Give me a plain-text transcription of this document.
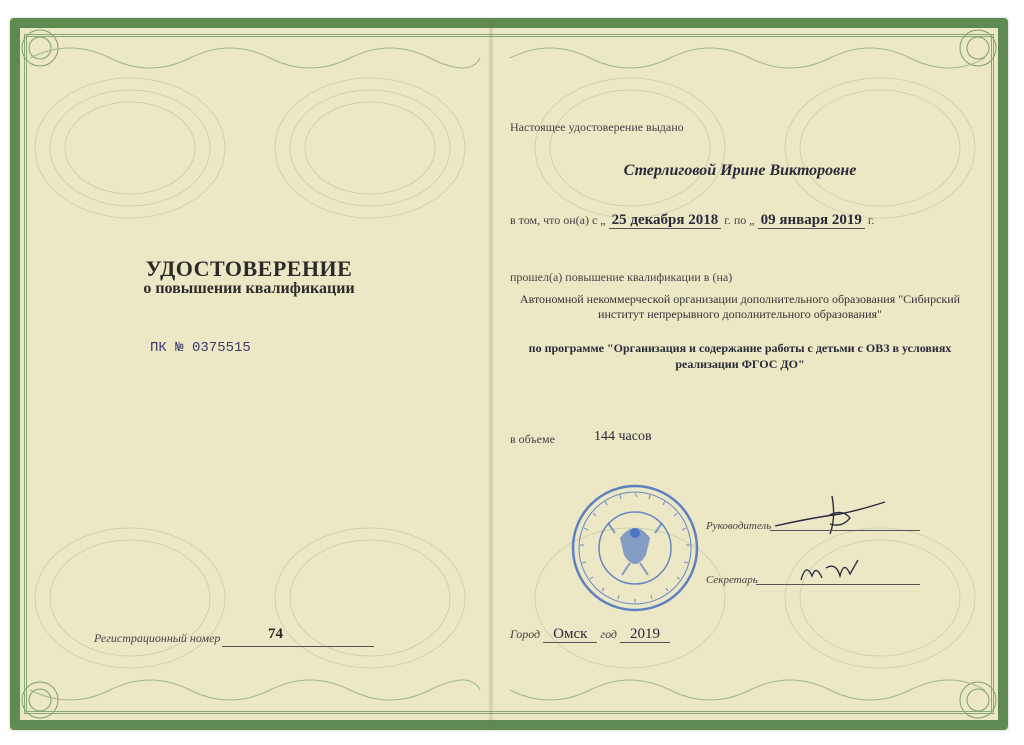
УДОСТОВЕРЕНИЕ
о повышении квалификации
ПК № 0375515
Регистрационный номер	74
Настоящее удостоверение выдано
Стерлиговой Ирине Викторовне
в том, что он(а) с „ 25 декабря 2018 г. по „ 09 января 2019 г.
прошел(а) повышение квалификации в (на)
Автономной некоммерческой организации дополнительного образования "Сибирский институт непрерывного дополнительного образования"
по программе "Организация и содержание работы с детьми с ОВЗ в условиях реализации ФГОС ДО"
в объеме	144 часов
Руководитель
Секретарь
Город Омск год 2019
